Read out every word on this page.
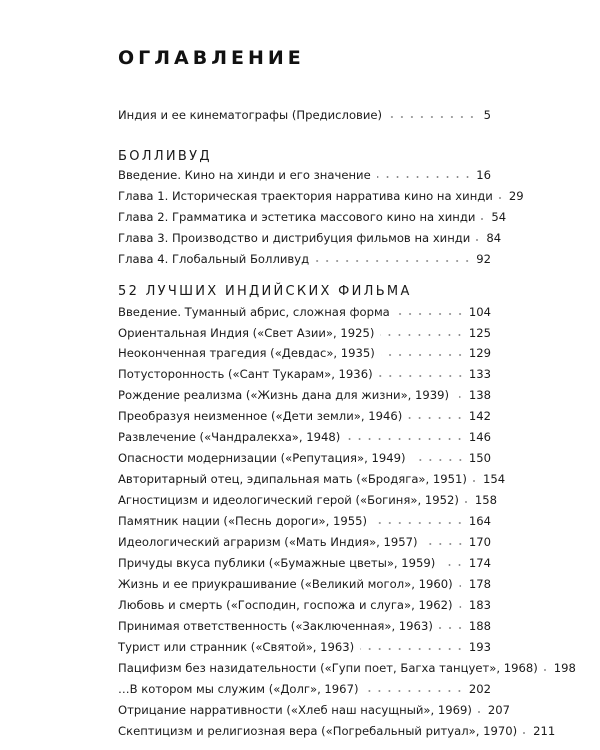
ОГЛАВЛЕНИЕ
Индия и ее кинематографы (Предисловие)	5
БОЛЛИВУД
Введение. Кино на хинди и его значение	16
Глава 1. Историческая траектория нарратива кино на хинди	29
Глава 2. Грамматика и эстетика массового кино на хинди	54
Глава 3. Производство и дистрибуция фильмов на хинди	84
Глава 4. Глобальный Болливуд	92
52 ЛУЧШИХ ИНДИЙСКИХ ФИЛЬМА
Введение. Туманный абрис, сложная форма	104
Ориентальная Индия («Свет Азии», 1925)	125
Неоконченная трагедия («Девдас», 1935)	129
Потусторонность («Сант Тукарам», 1936)	133
Рождение реализма («Жизнь дана для жизни», 1939)	138
Преобразуя неизменное («Дети земли», 1946)	142
Развлечение («Чандралекха», 1948)	146
Опасности модернизации («Репутация», 1949)	150
Авторитарный отец, эдипальная мать («Бродяга», 1951)	154
Агностицизм и идеологический герой («Богиня», 1952)	158
Памятник нации («Песнь дороги», 1955)	164
Идеологический аграризм («Мать Индия», 1957)	170
Причуды вкуса публики («Бумажные цветы», 1959)	174
Жизнь и ее приукрашивание («Великий могол», 1960)	178
Любовь и смерть («Господин, госпожа и слуга», 1962)	183
Принимая ответственность («Заключенная», 1963)	188
Турист или странник («Святой», 1963)	193
Пацифизм без назидательности («Гупи поет, Багха танцует», 1968)	198
…В котором мы служим («Долг», 1967)	202
Отрицание нарративности («Хлеб наш насущный», 1969)	207
Скептицизм и религиозная вера («Погребальный ритуал», 1970)	211
